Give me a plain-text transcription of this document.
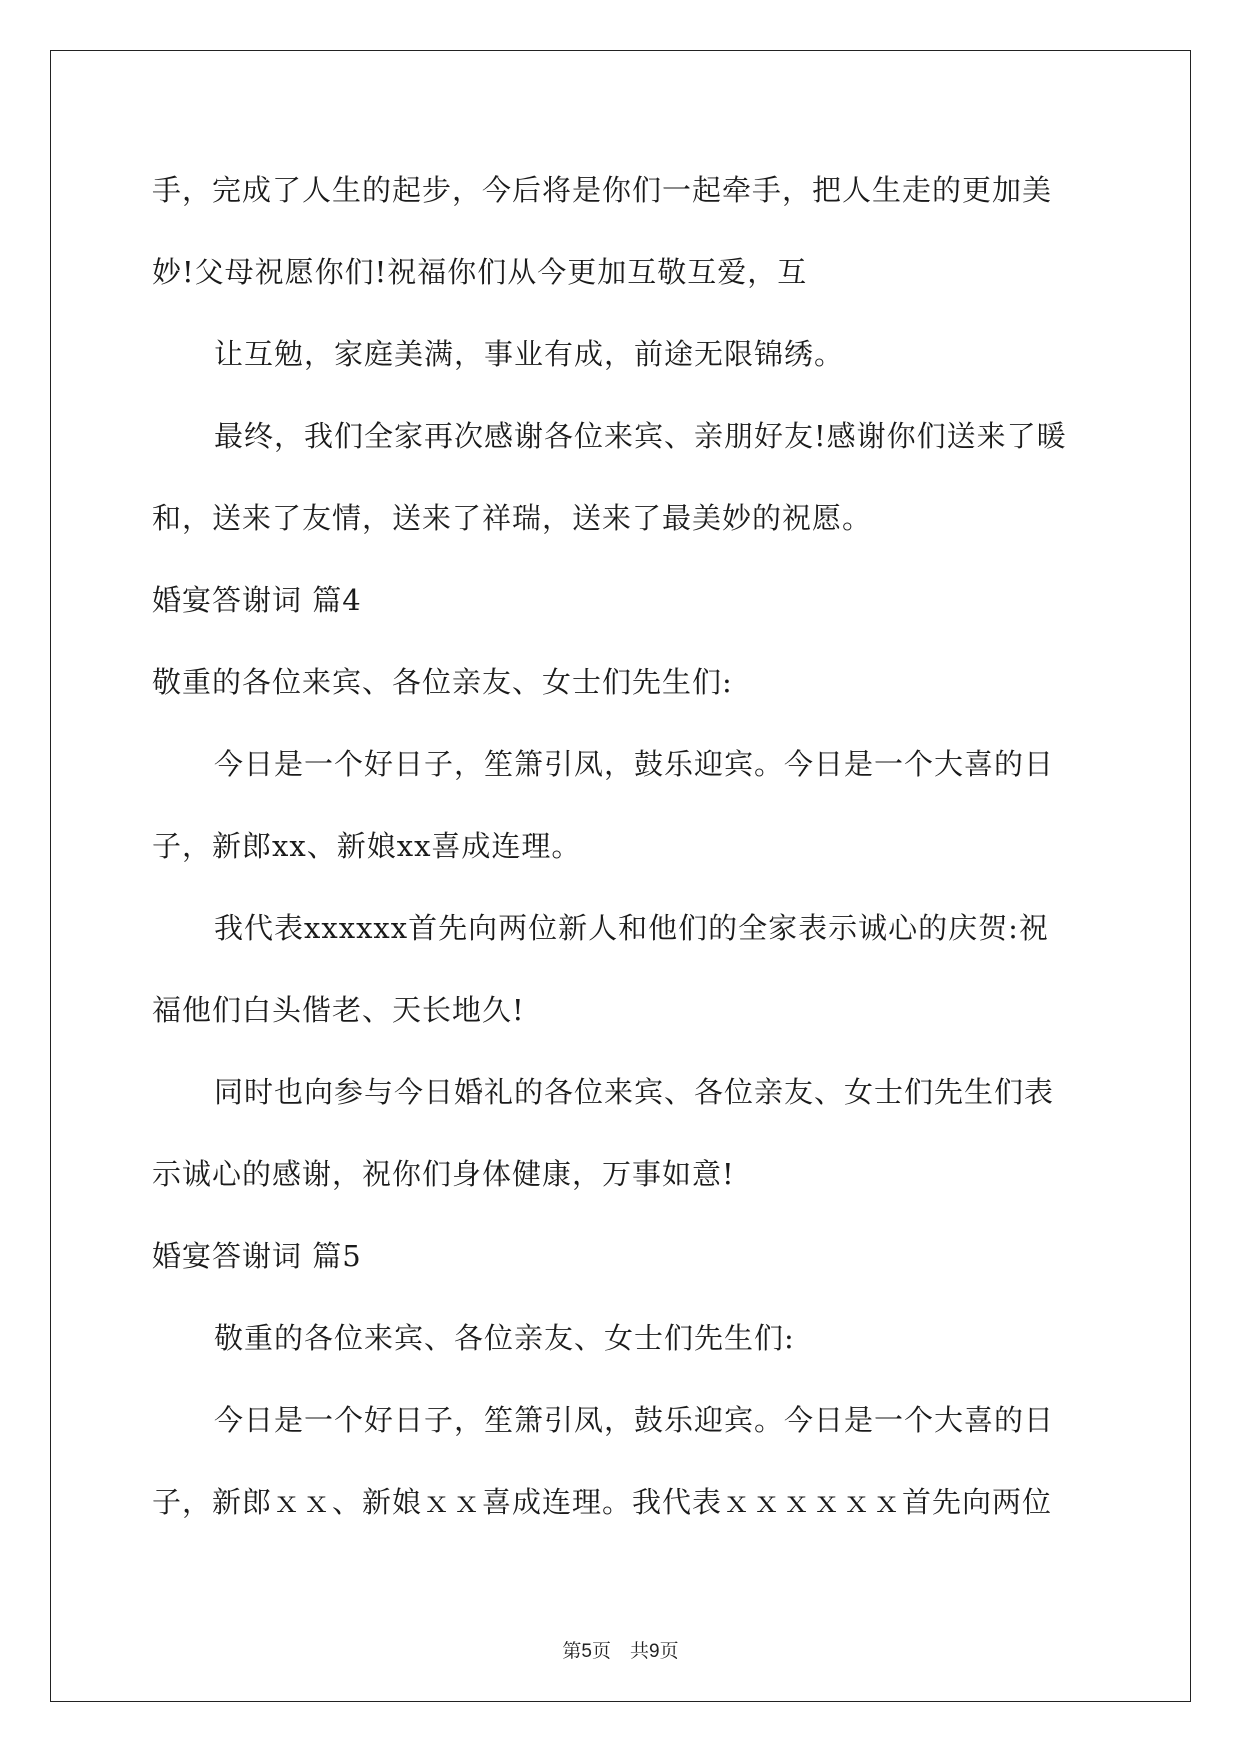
手，完成了人生的起步，今后将是你们一起牵手，把人生走的更加美
妙!父母祝愿你们!祝福你们从今更加互敬互爱，互
让互勉，家庭美满，事业有成，前途无限锦绣。
最终，我们全家再次感谢各位来宾、亲朋好友!感谢你们送来了暖
和，送来了友情，送来了祥瑞，送来了最美妙的祝愿。
婚宴答谢词 篇4
敬重的各位来宾、各位亲友、女士们先生们:
今日是一个好日子，笙箫引凤，鼓乐迎宾。今日是一个大喜的日
子，新郎xx、新娘xx喜成连理。
我代表xxxxxx首先向两位新人和他们的全家表示诚心的庆贺:祝
福他们白头偕老、天长地久!
同时也向参与今日婚礼的各位来宾、各位亲友、女士们先生们表
示诚心的感谢，祝你们身体健康，万事如意!
婚宴答谢词 篇5
敬重的各位来宾、各位亲友、女士们先生们:
今日是一个好日子，笙箫引凤，鼓乐迎宾。今日是一个大喜的日
子，新郎ｘｘ、新娘ｘｘ喜成连理。我代表ｘｘｘｘｘｘ首先向两位
第5页　共9页
